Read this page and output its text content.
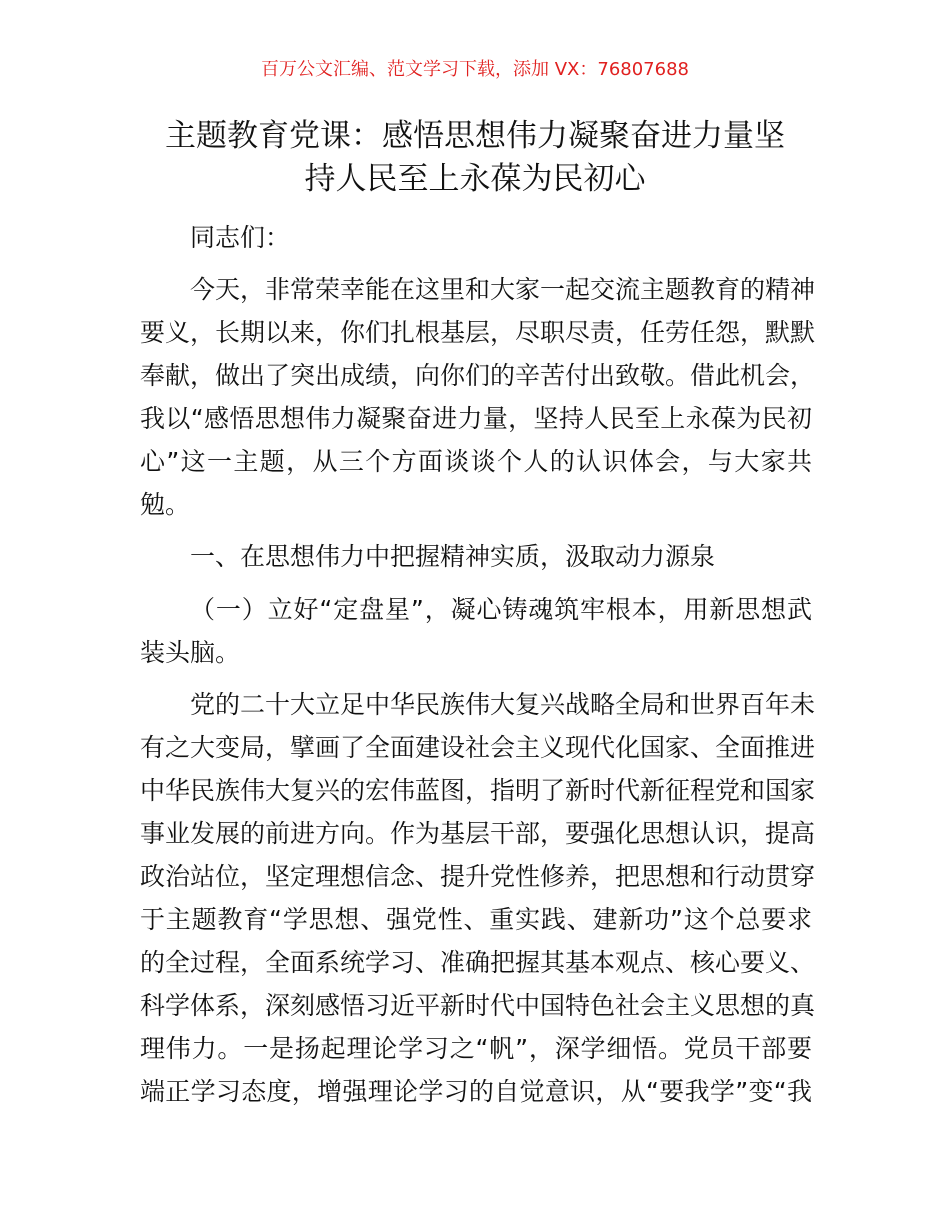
百万公文汇编、范文学习下载，添加 VX：76807688
主题教育党课：感悟思想伟力凝聚奋进力量坚
持人民至上永葆为民初心
同志们：
今天，非常荣幸能在这里和大家一起交流主题教育的精神
要义，长期以来，你们扎根基层，尽职尽责，任劳任怨，默默
奉献，做出了突出成绩，向你们的辛苦付出致敬。借此机会，
我以“感悟思想伟力凝聚奋进力量，坚持人民至上永葆为民初
心”这一主题，从三个方面谈谈个人的认识体会，与大家共
勉。
一、在思想伟力中把握精神实质，汲取动力源泉
（一）立好“定盘星”，凝心铸魂筑牢根本，用新思想武
装头脑。
党的二十大立足中华民族伟大复兴战略全局和世界百年未
有之大变局，擘画了全面建设社会主义现代化国家、全面推进
中华民族伟大复兴的宏伟蓝图，指明了新时代新征程党和国家
事业发展的前进方向。作为基层干部，要强化思想认识，提高
政治站位，坚定理想信念、提升党性修养，把思想和行动贯穿
于主题教育“学思想、强党性、重实践、建新功”这个总要求
的全过程，全面系统学习、准确把握其基本观点、核心要义、
科学体系，深刻感悟习近平新时代中国特色社会主义思想的真
理伟力。一是扬起理论学习之“帆”，深学细悟。党员干部要
端正学习态度，增强理论学习的自觉意识，从“要我学”变“我
